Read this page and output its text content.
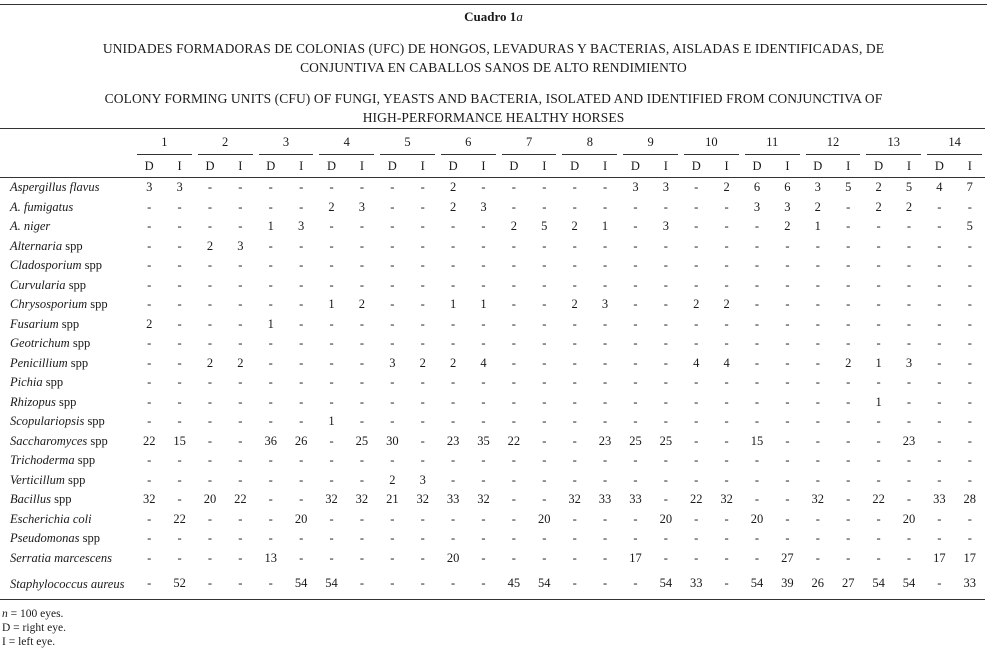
Cuadro 1a
UNIDADES FORMADORAS DE COLONIAS (UFC) DE HONGOS, LEVADURAS Y BACTERIAS, AISLADAS E IDENTIFICADAS, DE CONJUNTIVA EN CABALLOS SANOS DE ALTO RENDIMIENTO
COLONY FORMING UNITS (CFU) OF FUNGI, YEASTS AND BACTERIA, ISOLATED AND IDENTIFIED FROM CONJUNCTIVA OF HIGH-PERFORMANCE HEALTHY HORSES

	1		2		3		4		5		6		7		8		9		10		11		12		13		14	

	D	I	D	I	D	I	D	I	D	I	D	I	D	I	D	I	D	I	D	I	D	I	D	I	D	I	D	I
Aspergillus flavus	3	3	-	-	-	-	-	-	-	-	2	-	-	-	-	-	3	3	-	2	6	6	3	5	2	5	4	7
A. fumigatus	-	-	-	-	-	-	2	3	-	-	2	3	-	-	-	-	-	-	-	-	3	3	2	-	2	2	-	-
A. niger	-	-	-	-	1	3	-	-	-	-	-	-	2	5	2	1	-	3	-	-	-	2	1	-	-	-	-	5
Alternaria spp	-	-	2	3	-	-	-	-	-	-	-	-	-	-	-	-	-	-	-	-	-	-	-	-	-	-	-	-
Cladosporium spp	-	-	-	-	-	-	-	-	-	-	-	-	-	-	-	-	-	-	-	-	-	-	-	-	-	-	-	-
Curvularia spp	-	-	-	-	-	-	-	-	-	-	-	-	-	-	-	-	-	-	-	-	-	-	-	-	-	-	-	-
Chrysosporium spp	-	-	-	-	-	-	1	2	-	-	1	1	-	-	2	3	-	-	2	2	-	-	-	-	-	-	-	-
Fusarium spp	2	-	-	-	1	-	-	-	-	-	-	-	-	-	-	-	-	-	-	-	-	-	-	-	-	-	-	-
Geotrichum spp	-	-	-	-	-	-	-	-	-	-	-	-	-	-	-	-	-	-	-	-	-	-	-	-	-	-	-	-
Penicillium spp	-	-	2	2	-	-	-	-	3	2	2	4	-	-	-	-	-	-	4	4	-	-	-	2	1	3	-	-
Pichia spp	-	-	-	-	-	-	-	-	-	-	-	-	-	-	-	-	-	-	-	-	-	-	-	-	-	-	-	-
Rhizopus spp	-	-	-	-	-	-	-	-	-	-	-	-	-	-	-	-	-	-	-	-	-	-	-	-	1	-	-	-
Scopulariopsis spp	-	-	-	-	-	-	1	-	-	-	-	-	-	-	-	-	-	-	-	-	-	-	-	-	-	-	-	-
Saccharomyces spp	22	15	-	-	36	26	-	25	30	-	23	35	22	-	-	23	25	25	-	-	15	-	-	-	-	23	-	-
Trichoderma spp	-	-	-	-	-	-	-	-	-	-	-	-	-	-	-	-	-	-	-	-	-	-	-	-	-	-	-	-
Verticillum spp	-	-	-	-	-	-	-	-	2	3	-	-	-	-	-	-	-	-	-	-	-	-	-	-	-	-	-	-
Bacillus spp	32	-	20	22	-	-	32	32	21	32	33	32	-	-	32	33	33	-	22	32	-	-	32	-	22	-	33	28
Escherichia coli	-	22	-	-	-	20	-	-	-	-	-	-	-	20	-	-	-	20	-	-	20	-	-	-	-	20	-	-
Pseudomonas spp	-	-	-	-	-	-	-	-	-	-	-	-	-	-	-	-	-	-	-	-	-	-	-	-	-	-	-	-
Serratia marcescens	-	-	-	-	13	-	-	-	-	-	20	-	-	-	-	-	17	-	-	-	-	27	-	-	-	-	17	17
Staphylococcus aureus	-	52	-	-	-	54	54	-	-	-	-	-	45	54	-	-	-	54	33	-	54	39	26	27	54	54	-	33
n = 100 eyes.
D = right eye.
I = left eye.
